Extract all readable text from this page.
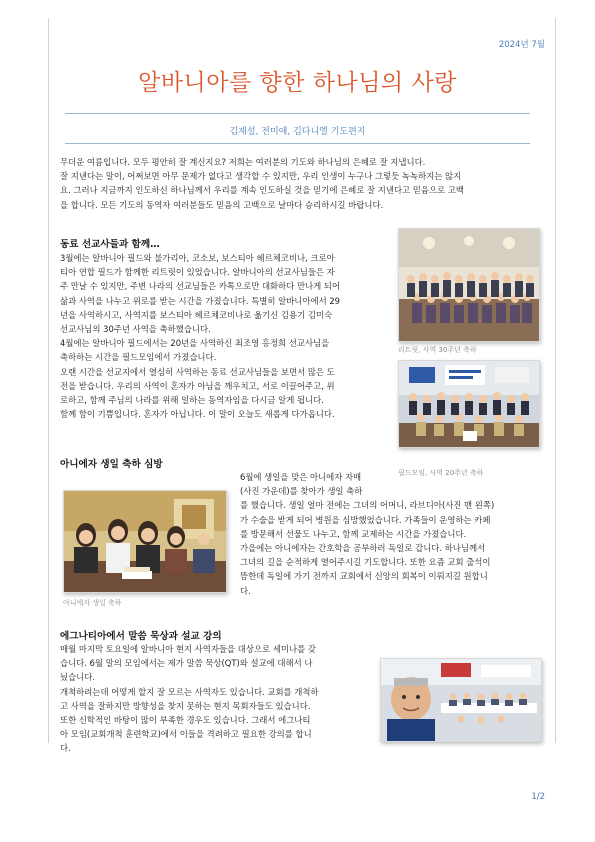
2024년 7월
알바니아를 향한 하나님의 사랑
김재설, 전미애, 김다니엘 기도편지

무더운 여름입니다. 모두 평안히 잘 계신지요? 저희는 여러분의 기도와 하나님의 은혜로 잘 지냅니다.

잘 지낸다는 말이, 어쩌보면 아무 문제가 없다고 생각할 수 있지만, 우리 인생이 누구나 그렇듯 녹녹하지는 않지

요. 그러나 지금까지 인도하신 하나님께서 우리를 계속 인도하실 것을 믿기에 은혜로 잘 지낸다고 믿음으로 고백

을 합니다. 모든 기도의 동역자 여러분들도 믿음의 고백으로 날마다 승리하시길 바랍니다.

동료 선교사들과 함께…

3월에는 알바니아 필드와 불가리아, 코소보, 보스티아 헤르체코비나, 크로아

티아 연합 필드가 함께한 리트릿이 있었습니다. 알바니아의 선교사님들은 자

주 만날 수 있지만, 주변 나라의 선교님들은 카톡으로만 대화하다 만나게 되어

삶과 사역을 나누고 위로를 받는 시간을 가졌습니다. 특별히 알바니아에서 29

년을 사역하시고, 사역지를 보스티아 헤르체코비나로 옮기신 김용기 김미숙

선교사님의 30주년 사역을 축하했습니다.

4월에는 알바니아 필드에서는 20년을 사역하신 최조영 홍정희 선교사님을

축하하는 시간을 필드모임에서 가졌습니다.

오랜 시간을 선교지에서 열심히 사역하는 동료 선교사님들을 보면서 많은 도

전을 받습니다. 우리의 사역이 혼자가 아님을 깨우치고, 서로 이끌어주고, 위

로하고, 함께 주님의 나라를 위해 일하는 동역자임을 다시금 알게 됩니다.

함께 함이 기쁨입니다. 혼자가 아닙니다. 이 말이 오늘도 새롭게 다가옵니다.

리트릿, 사역 30주년 축하
필드모임, 사역 20주년 축하
아니에자 생일 축하 심방
아니에자 생일 축하

6월에 생일을 맞은 아니에자 자매

(사진 가운데)를 찾아가 생일 축하

를 했습니다. 생일 얼마 전에는 그녀의 어머니, 라브디아(사진 맨 왼쪽)

가 수술을 받게 되어 병원을 심방했었습니다. 가족들이 운영하는 카페

를 방문해서 선물도 나누고, 함께 교제하는 시간을 가졌습니다.

가을에는 아니에자는 간호학을 공부하러 독일로 갑니다. 하나님께서

그녀의 길을 순적하게 열어주시길 기도합니다. 또한 요즘 교회 출석이

뜸한데 독일에 가기 전까지 교회에서 신앙의 회복이 이뤄지길 원합니

다.

에그나티아에서 말씀 묵상과 설교 강의

매월 마지막 토요일에 알바니아 현지 사역자들을 대상으로 세미나를 갖

습니다. 6월 말의 모임에서는 제가 말씀 묵상(QT)와 설교에 대해서 나

눴습니다.

개척하려는데 어떻게 할지 잘 모르는 사역자도 있습니다. 교회를 개척하

고 사역을 잘하지만 방향성을 찾지 못하는 현지 목회자들도 있습니다.

또한 신학적인 바탕이 많이 부족한 경우도 있습니다. 그래서 에그나티

아 모임(교회개척 훈련학교)에서 이들을 격려하고 필요한 강의를 합니

다.

1/2
